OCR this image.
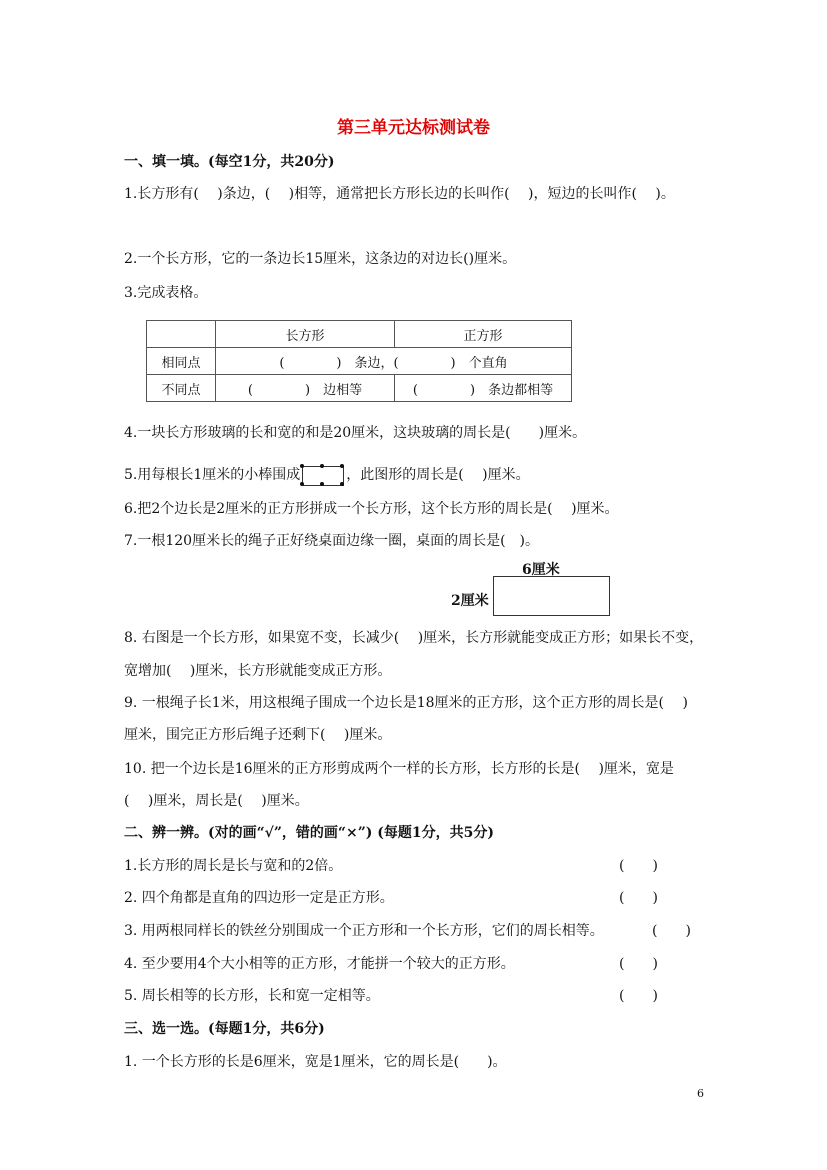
第三单元达标测试卷
一、填一填。(每空1分，共20分)
1.长方形有(　 )条边，(　 )相等，通常把长方形长边的长叫作(　 )，短边的长叫作(　 )。
2.一个长方形，它的一条边长15厘米，这条边的对边长()厘米。
3.完成表格。
	长方形	正方形
相同点	(　　　　)　条边，(　　　　)　个直角	
不同点	(　　　　)　边相等	(　　　　)　条边都相等
4.一块长方形玻璃的长和宽的和是20厘米，这块玻璃的周长是(　　)厘米。
5.用每根长1厘米的小棒围成	，此图形的周长是(　 )厘米。
6.把2个边长是2厘米的正方形拼成一个长方形，这个长方形的周长是(　 )厘米。
7.一根120厘米长的绳子正好绕桌面边缘一圈，桌面的周长是(　)。
6厘米
2厘米
8. 右图是一个长方形，如果宽不变，长减少(　 )厘米，长方形就能变成正方形；如果长不变，
宽增加(　 )厘米，长方形就能变成正方形。
9. 一根绳子长1米，用这根绳子围成一个边长是18厘米的正方形，这个正方形的周长是(　 )
厘米，围完正方形后绳子还剩下(　 )厘米。
10. 把一个边长是16厘米的正方形剪成两个一样的长方形，长方形的长是(　 )厘米，宽是
(　 )厘米，周长是(　 )厘米。
二、辨一辨。(对的画“√”，错的画“×”) (每题1分，共5分)
1.长方形的周长是长与宽和的2倍。	(　　)
2. 四个角都是直角的四边形一定是正方形。	(　　)
3. 用两根同样长的铁丝分别围成一个正方形和一个长方形，它们的周长相等。	(　　)
4. 至少要用4个大小相等的正方形，才能拼一个较大的正方形。	(　　)
5. 周长相等的长方形，长和宽一定相等。	(　　)
三、选一选。(每题1分，共6分)
1. 一个长方形的长是6厘米，宽是1厘米，它的周长是(　　)。
6
